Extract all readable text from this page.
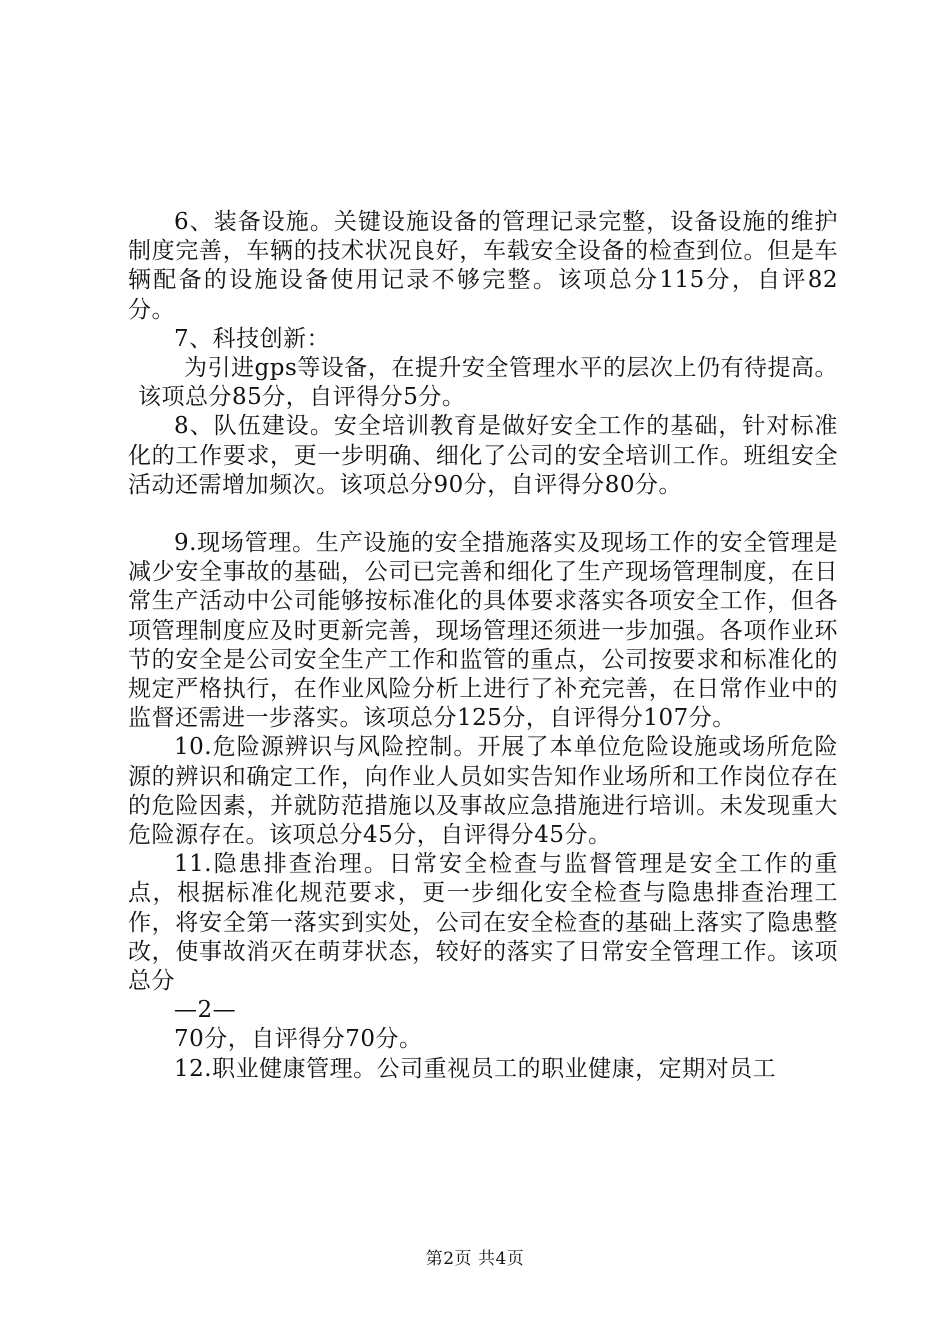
6、装备设施。关键设施设备的管理记录完整，设备设施的维护制度完善，车辆的技术状况良好，车载安全设备的检查到位。但是车辆配备的设施设备使用记录不够完整。该项总分115分，自评82分。

7、科技创新：

为引进gps等设备，在提升安全管理水平的层次上仍有待提高。该项总分85分，自评得分5分。

8、队伍建设。安全培训教育是做好安全工作的基础，针对标准化的工作要求，更一步明确、细化了公司的安全培训工作。班组安全活动还需增加频次。该项总分90分，自评得分80分。

9.现场管理。生产设施的安全措施落实及现场工作的安全管理是减少安全事故的基础，公司已完善和细化了生产现场管理制度，在日常生产活动中公司能够按标准化的具体要求落实各项安全工作，但各项管理制度应及时更新完善，现场管理还须进一步加强。各项作业环节的安全是公司安全生产工作和监管的重点，公司按要求和标准化的规定严格执行，在作业风险分析上进行了补充完善，在日常作业中的监督还需进一步落实。该项总分125分，自评得分107分。

10.危险源辨识与风险控制。开展了本单位危险设施或场所危险源的辨识和确定工作，向作业人员如实告知作业场所和工作岗位存在的危险因素，并就防范措施以及事故应急措施进行培训。未发现重大危险源存在。该项总分45分，自评得分45分。

11.隐患排查治理。日常安全检查与监督管理是安全工作的重点，根据标准化规范要求，更一步细化安全检查与隐患排查治理工作，将安全第一落实到实处，公司在安全检查的基础上落实了隐患整改，使事故消灭在萌芽状态，较好的落实了日常安全管理工作。该项总分

—2—

70分，自评得分70分。

12.职业健康管理。公司重视员工的职业健康，定期对员工

第2页 共4页
